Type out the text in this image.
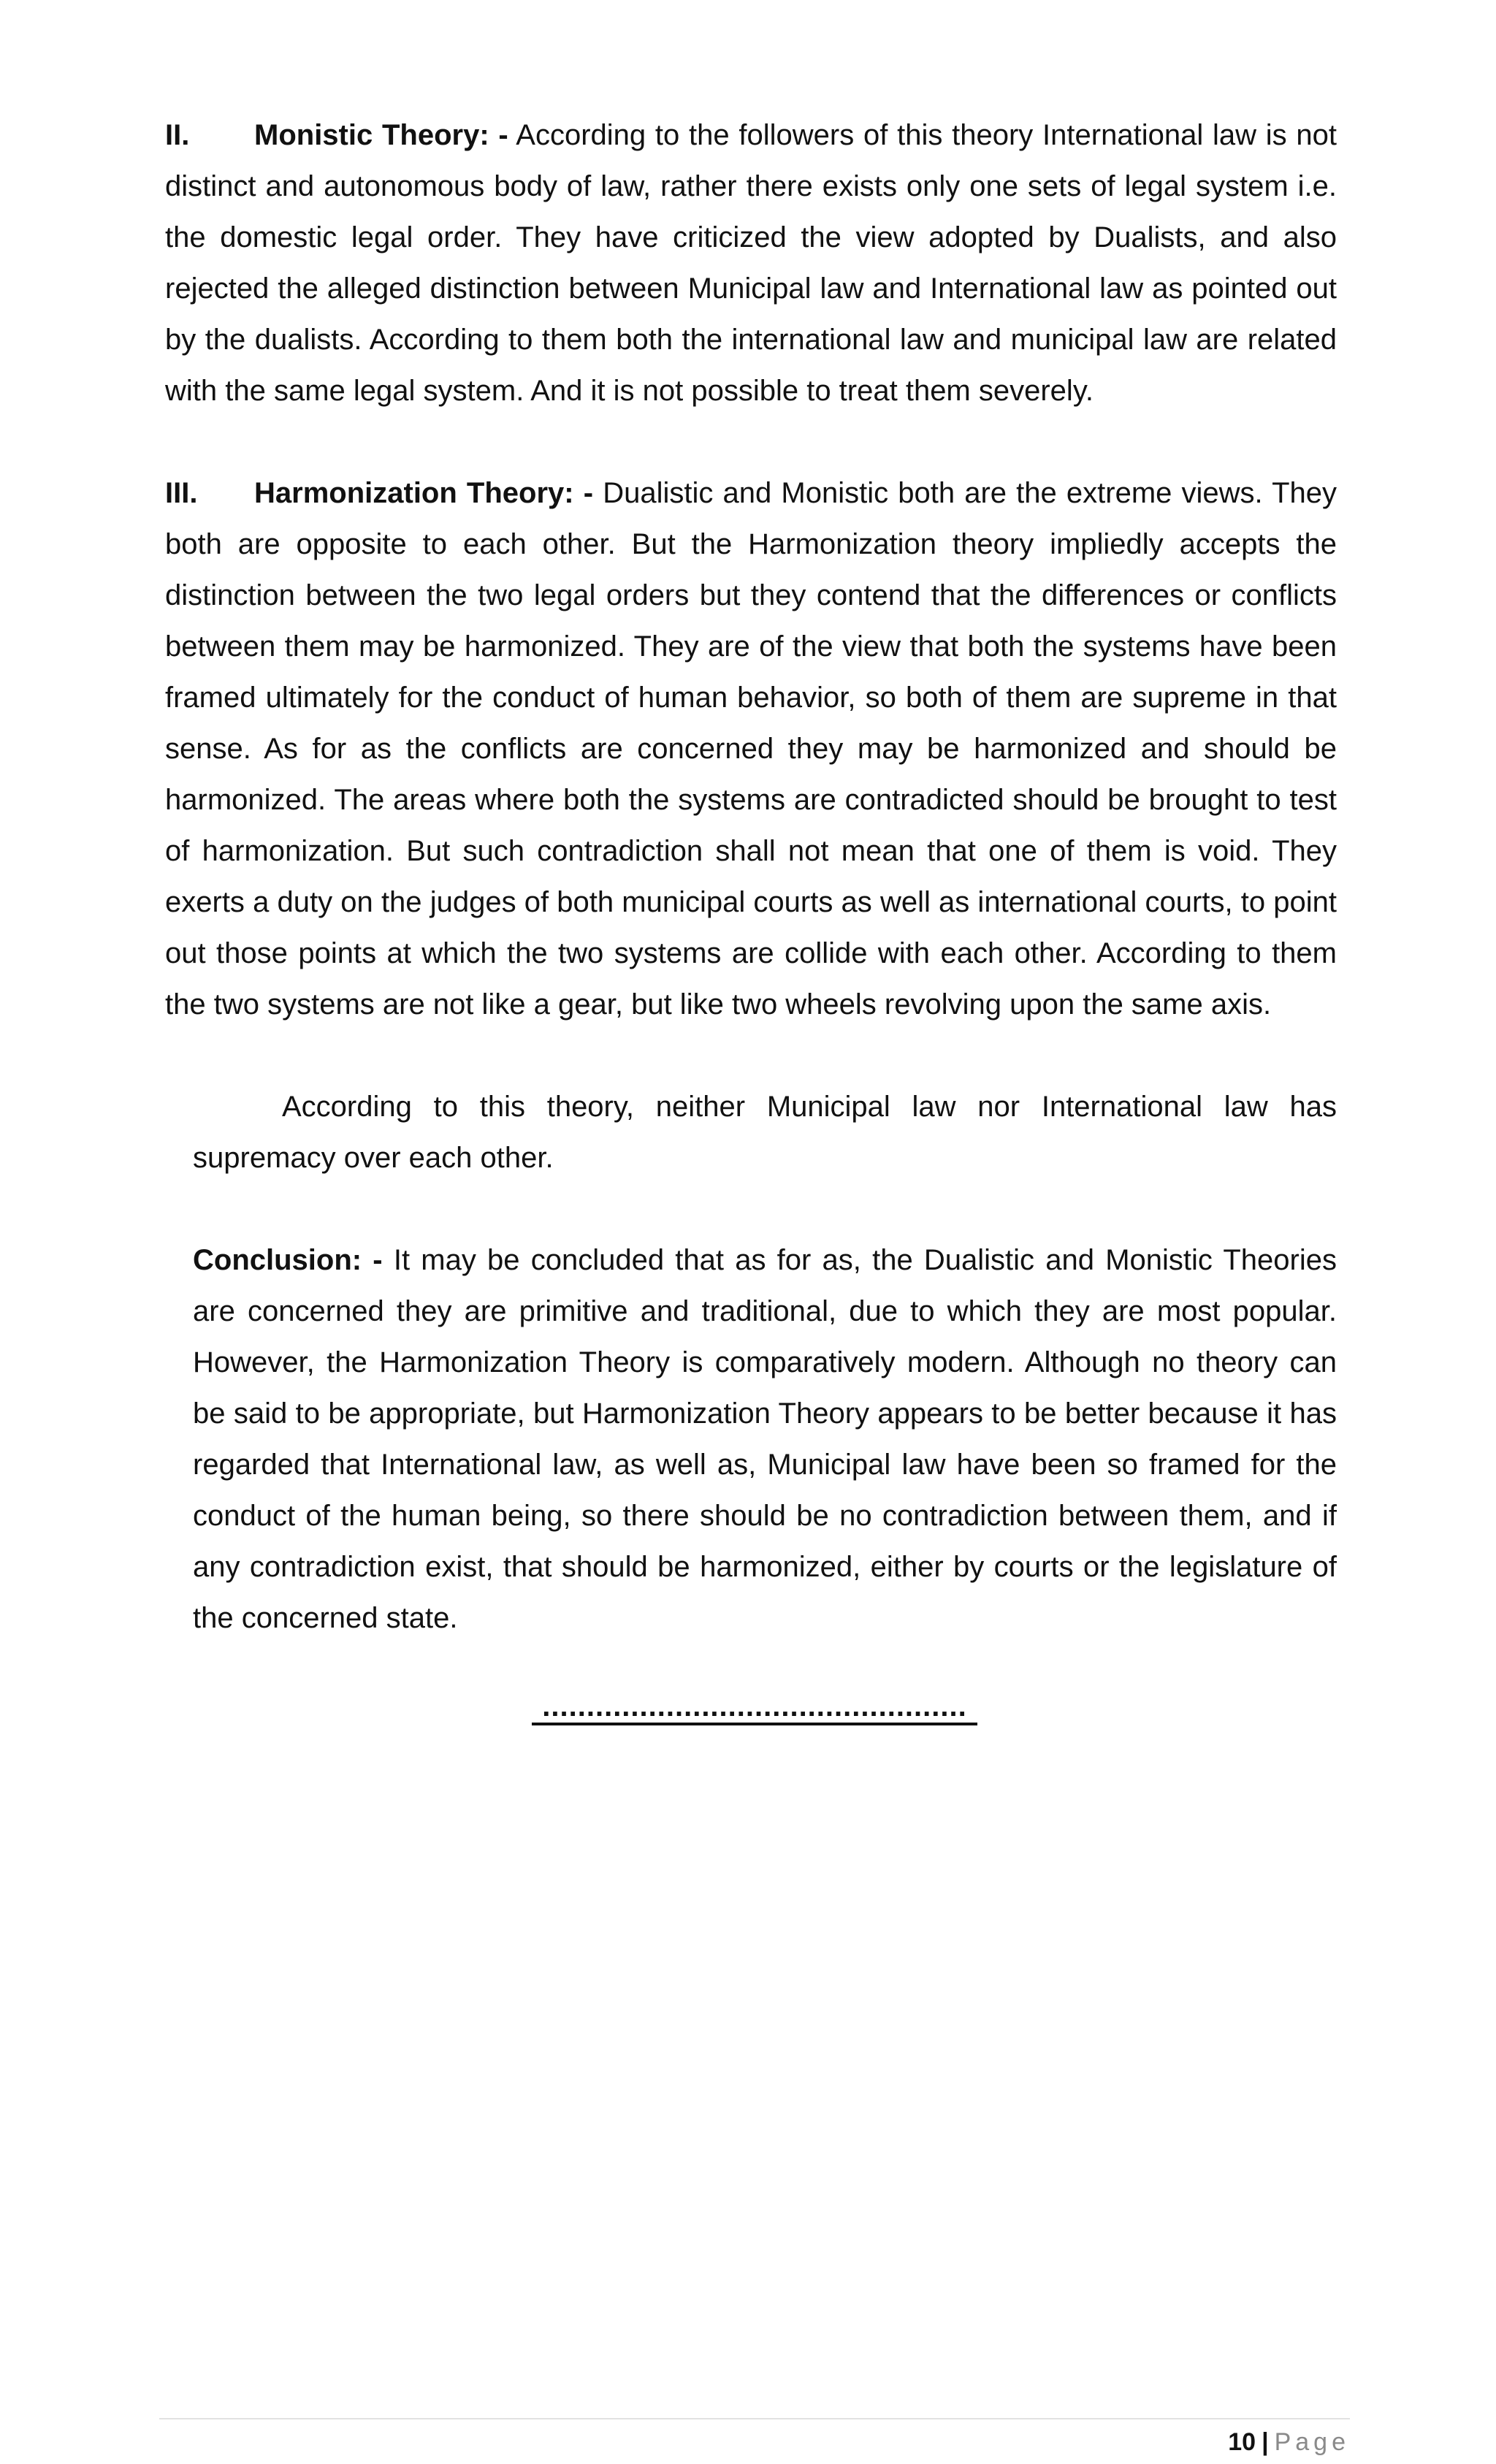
II. Monistic Theory: - According to the followers of this theory International law is not distinct and autonomous body of law, rather there exists only one sets of legal system i.e. the domestic legal order. They have criticized the view adopted by Dualists, and also rejected the alleged distinction between Municipal law and International law as pointed out by the dualists. According to them both the international law and municipal law are related with the same legal system. And it is not possible to treat them severely.

III. Harmonization Theory: - Dualistic and Monistic both are the extreme views. They both are opposite to each other. But the Harmonization theory impliedly accepts the distinction between the two legal orders but they contend that the differences or conflicts between them may be harmonized. They are of the view that both the systems have been framed ultimately for the conduct of human behavior, so both of them are supreme in that sense. As for as the conflicts are concerned they may be harmonized and should be harmonized. The areas where both the systems are contradicted should be brought to test of harmonization. But such contradiction shall not mean that one of them is void. They exerts a duty on the judges of both municipal courts as well as international courts, to point out those points at which the two systems are collide with each other. According to them the two systems are not like a gear, but like two wheels revolving upon the same axis.

According to this theory, neither Municipal law nor International law has supremacy over each other.

Conclusion: - It may be concluded that as for as, the Dualistic and Monistic Theories are concerned they are primitive and traditional, due to which they are most popular. However, the Harmonization Theory is comparatively modern. Although no theory can be said to be appropriate, but Harmonization Theory appears to be better because it has regarded that International law, as well as, Municipal law have been so framed for the conduct of the human being, so there should be no contradiction between them, and if any contradiction exist, that should be harmonized, either by courts or the legislature of the concerned state.

................................................
10 | Page
